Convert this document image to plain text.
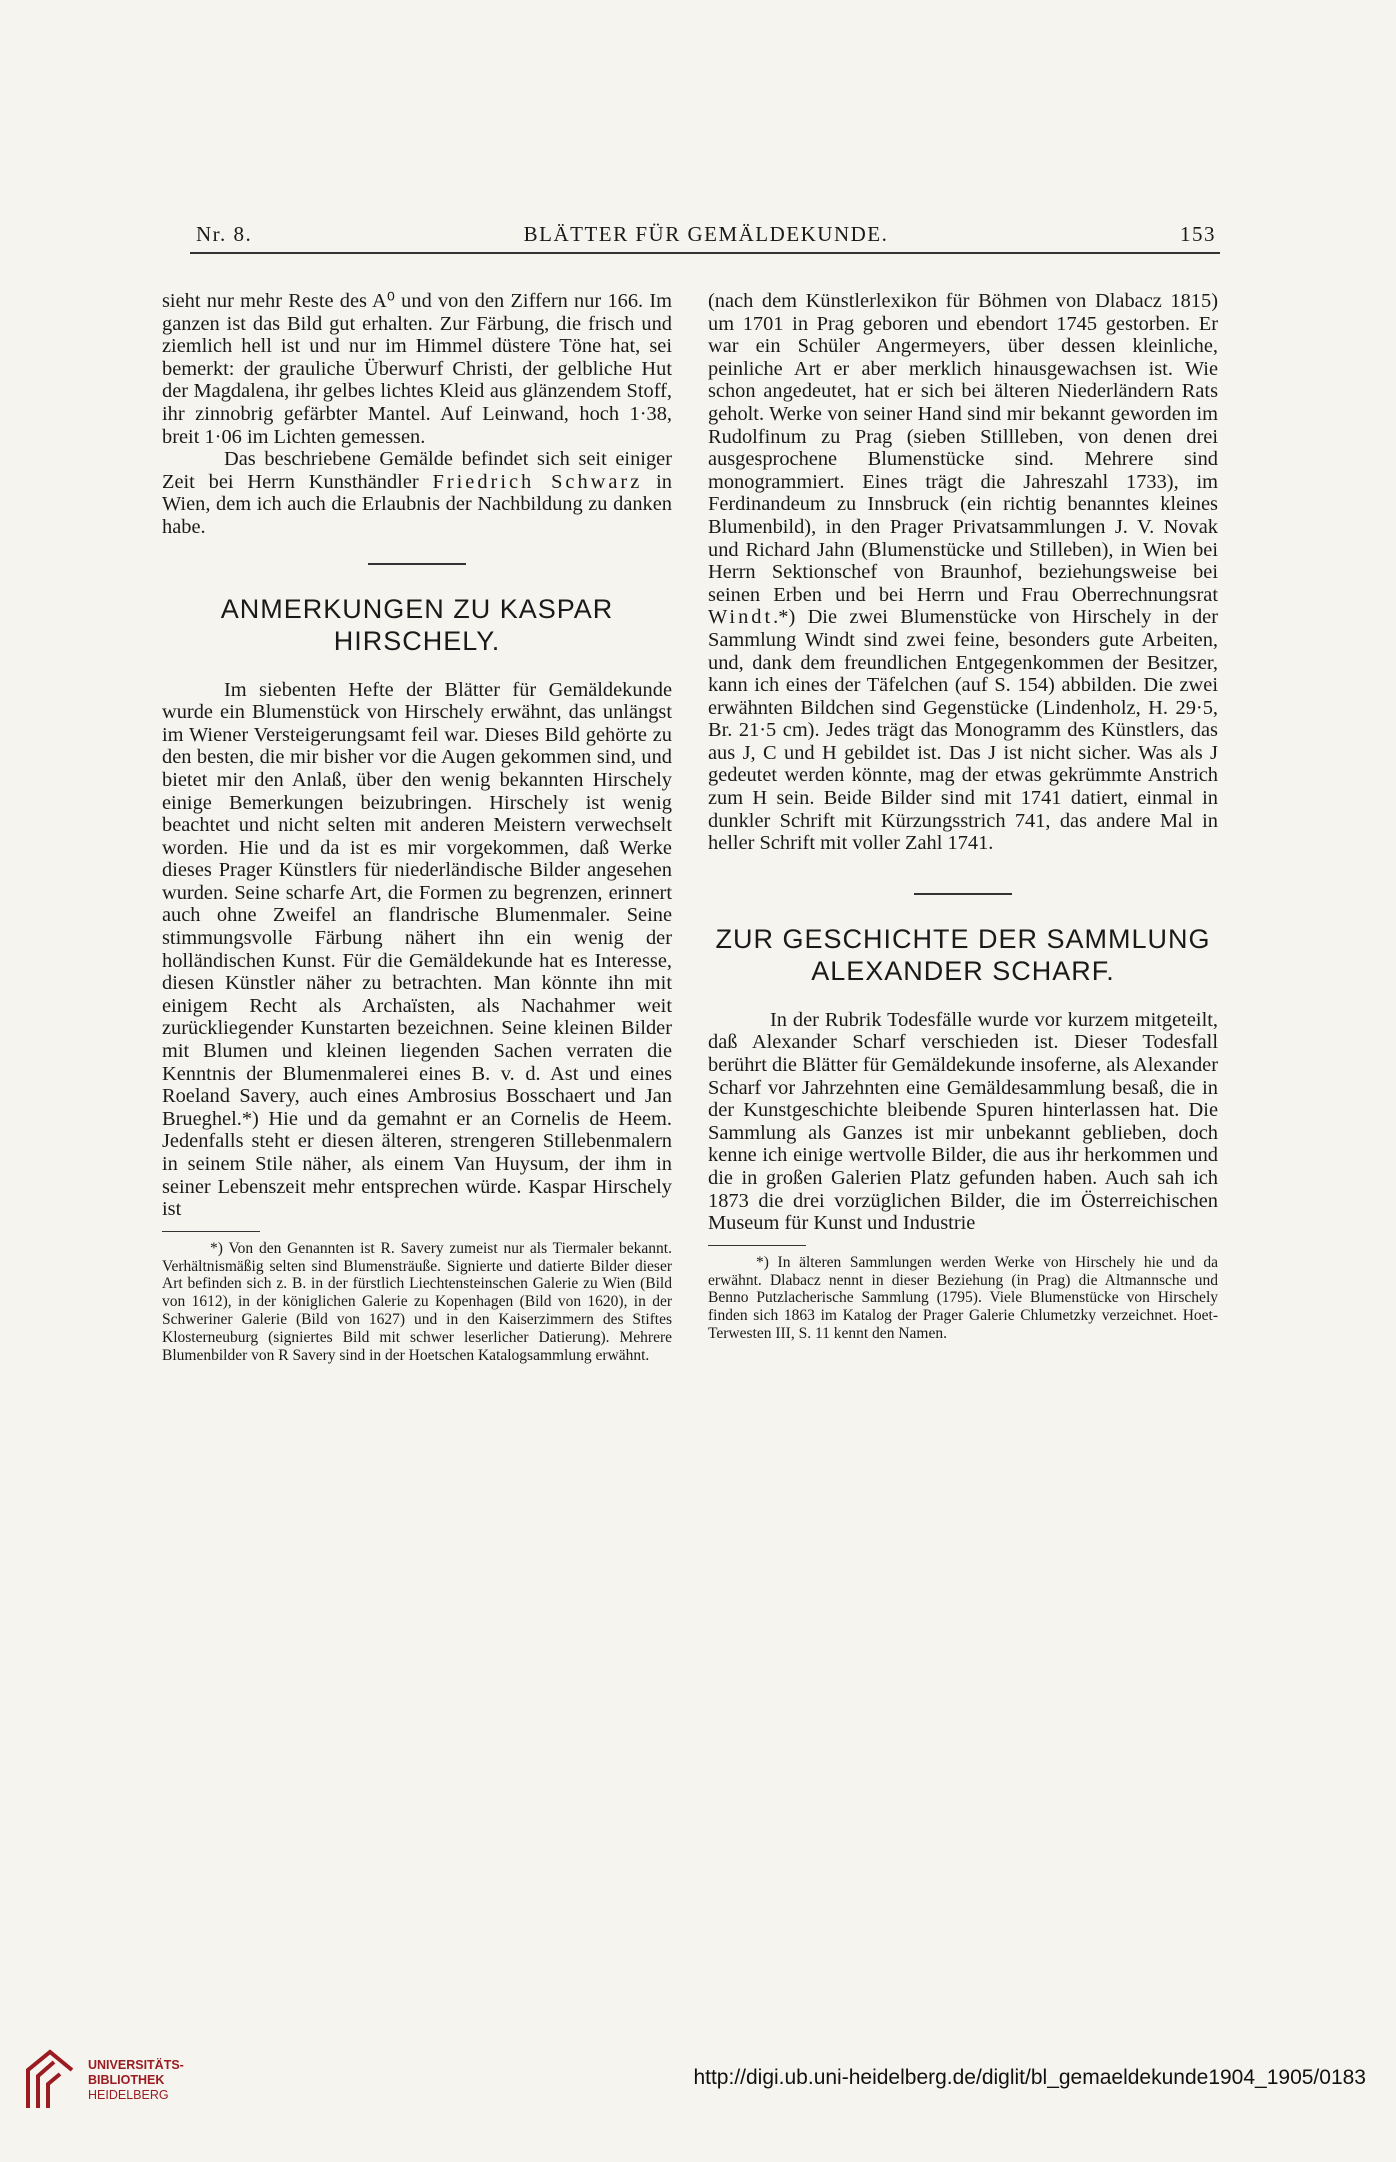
Nr. 8.	BLÄTTER FÜR GEMÄLDEKUNDE.	153

sieht nur mehr Reste des A⁰ und von den Ziffern nur 166. Im ganzen ist das Bild gut erhalten. Zur Färbung, die frisch und ziemlich hell ist und nur im Himmel düstere Töne hat, sei bemerkt: der grauliche Überwurf Christi, der gelbliche Hut der Magdalena, ihr gelbes lichtes Kleid aus glänzendem Stoff, ihr zinnobrig gefärbter Mantel. Auf Leinwand, hoch 1·38, breit 1·06 im Lichten gemessen.

Das beschriebene Gemälde befindet sich seit einiger Zeit bei Herrn Kunsthändler Friedrich Schwarz in Wien, dem ich auch die Erlaubnis der Nachbildung zu danken habe.

ANMERKUNGEN ZU KASPAR HIRSCHELY.

Im siebenten Hefte der Blätter für Gemäldekunde wurde ein Blumenstück von Hirschely erwähnt, das unlängst im Wiener Versteigerungsamt feil war. Dieses Bild gehörte zu den besten, die mir bisher vor die Augen gekommen sind, und bietet mir den Anlaß, über den wenig bekannten Hirschely einige Bemerkungen beizubringen. Hirschely ist wenig beachtet und nicht selten mit anderen Meistern verwechselt worden. Hie und da ist es mir vorgekommen, daß Werke dieses Prager Künstlers für niederländische Bilder angesehen wurden. Seine scharfe Art, die Formen zu begrenzen, erinnert auch ohne Zweifel an flandrische Blumenmaler. Seine stimmungsvolle Färbung nähert ihn ein wenig der holländischen Kunst. Für die Gemäldekunde hat es Interesse, diesen Künstler näher zu betrachten. Man könnte ihn mit einigem Recht als Archaïsten, als Nachahmer weit zurückliegender Kunstarten bezeichnen. Seine kleinen Bilder mit Blumen und kleinen liegenden Sachen verraten die Kenntnis der Blumenmalerei eines B. v. d. Ast und eines Roeland Savery, auch eines Ambrosius Bosschaert und Jan Brueghel.*) Hie und da gemahnt er an Cornelis de Heem. Jedenfalls steht er diesen älteren, strengeren Stillebenmalern in seinem Stile näher, als einem Van Huysum, der ihm in seiner Lebenszeit mehr entsprechen würde. Kaspar Hirschely ist

*) Von den Genannten ist R. Savery zumeist nur als Tiermaler bekannt. Verhältnismäßig selten sind Blumensträuße. Signierte und datierte Bilder dieser Art befinden sich z. B. in der fürstlich Liechtensteinschen Galerie zu Wien (Bild von 1612), in der königlichen Galerie zu Kopenhagen (Bild von 1620), in der Schweriner Galerie (Bild von 1627) und in den Kaiserzimmern des Stiftes Klosterneuburg (signiertes Bild mit schwer leserlicher Datierung). Mehrere Blumenbilder von R Savery sind in der Hoetschen Katalogsammlung erwähnt.

(nach dem Künstlerlexikon für Böhmen von Dlabacz 1815) um 1701 in Prag geboren und ebendort 1745 gestorben. Er war ein Schüler Angermeyers, über dessen kleinliche, peinliche Art er aber merklich hinausgewachsen ist. Wie schon angedeutet, hat er sich bei älteren Niederländern Rats geholt. Werke von seiner Hand sind mir bekannt geworden im Rudolfinum zu Prag (sieben Stillleben, von denen drei ausgesprochene Blumenstücke sind. Mehrere sind monogrammiert. Eines trägt die Jahreszahl 1733), im Ferdinandeum zu Innsbruck (ein richtig benanntes kleines Blumenbild), in den Prager Privatsammlungen J. V. Novak und Richard Jahn (Blumenstücke und Stilleben), in Wien bei Herrn Sektionschef von Braunhof, beziehungsweise bei seinen Erben und bei Herrn und Frau Oberrechnungsrat Windt.*) Die zwei Blumenstücke von Hirschely in der Sammlung Windt sind zwei feine, besonders gute Arbeiten, und, dank dem freundlichen Entgegenkommen der Besitzer, kann ich eines der Täfelchen (auf S. 154) abbilden. Die zwei erwähnten Bildchen sind Gegenstücke (Lindenholz, H. 29·5, Br. 21·5 cm). Jedes trägt das Monogramm des Künstlers, das aus J, C und H gebildet ist. Das J ist nicht sicher. Was als J gedeutet werden könnte, mag der etwas gekrümmte Anstrich zum H sein. Beide Bilder sind mit 1741 datiert, einmal in dunkler Schrift mit Kürzungsstrich 741, das andere Mal in heller Schrift mit voller Zahl 1741.

ZUR GESCHICHTE DER SAMMLUNG ALEXANDER SCHARF.

In der Rubrik Todesfälle wurde vor kurzem mitgeteilt, daß Alexander Scharf verschieden ist. Dieser Todesfall berührt die Blätter für Gemäldekunde insoferne, als Alexander Scharf vor Jahrzehnten eine Gemäldesammlung besaß, die in der Kunstgeschichte bleibende Spuren hinterlassen hat. Die Sammlung als Ganzes ist mir unbekannt geblieben, doch kenne ich einige wertvolle Bilder, die aus ihr herkommen und die in großen Galerien Platz gefunden haben. Auch sah ich 1873 die drei vorzüglichen Bilder, die im Österreichischen Museum für Kunst und Industrie

*) In älteren Sammlungen werden Werke von Hirschely hie und da erwähnt. Dlabacz nennt in dieser Beziehung (in Prag) die Altmannsche und Benno Putzlacherische Sammlung (1795). Viele Blumenstücke von Hirschely finden sich 1863 im Katalog der Prager Galerie Chlumetzky verzeichnet. Hoet-Terwesten III, S. 11 kennt den Namen.

UNIVERSITÄTS-
BIBLIOTHEK
HEIDELBERG
http://digi.ub.uni-heidelberg.de/diglit/bl_gemaeldekunde1904_1905/0183
